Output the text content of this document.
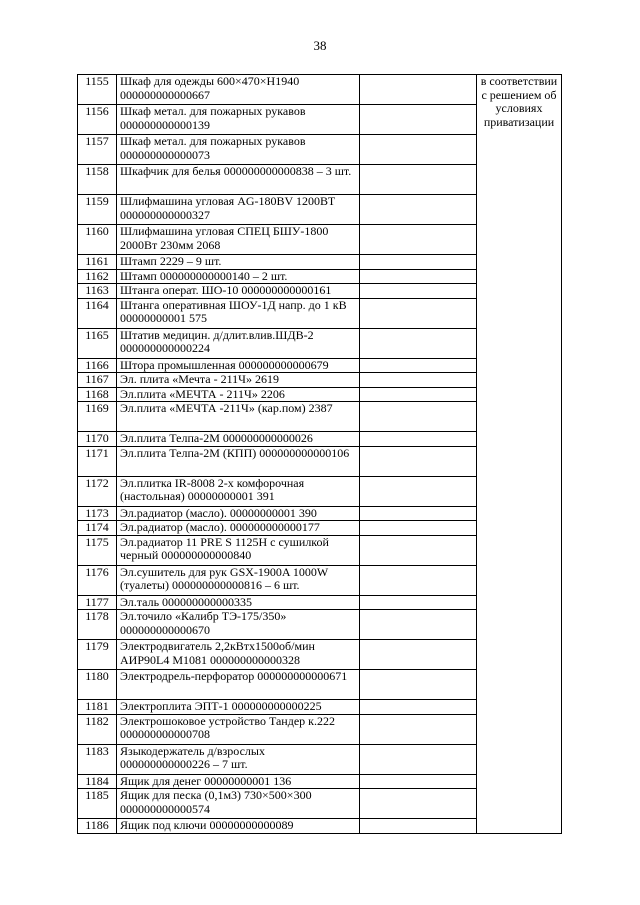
38
1155	Шкаф для одежды 600×470×H1940 000000000000667		в соответствии с решением об условиях приватизации
1156	Шкаф метал. для пожарных рукавов 000000000000139		
1157	Шкаф метал. для пожарных рукавов 000000000000073		
1158	Шкафчик для белья 000000000000838 – 3 шт.		
1159	Шлифмашина угловая AG-180BV 1200ВТ 000000000000327		
1160	Шлифмашина угловая СПЕЦ БШУ-1800 2000Вт 230мм 2068		
1161	Штамп 2229 – 9 шт.		
1162	Штамп 000000000000140 – 2 шт.		
1163	Штанга операт. ШО-10 000000000000161		
1164	Штанга оперативная ШОУ-1Д напр. до 1 кВ 00000000001 575		
1165	Штатив медицин. д/длит.влив.ШДВ-2 000000000000224		
1166	Штора промышленная 000000000000679		
1167	Эл. плита «Мечта - 211Ч» 2619		
1168	Эл.плита «МЕЧТА - 211Ч» 2206		
1169	Эл.плита «МЕЧТА -211Ч» (кар.пом) 2387		
1170	Эл.плита Телпа-2М 000000000000026		
1171	Эл.плита Телпа-2М (КПП) 000000000000106		
1172	Эл.плитка IR-8008 2-х комфорочная (настольная) 00000000001 391		
1173	Эл.радиатор (масло). 00000000001 390		
1174	Эл.радиатор (масло). 000000000000177		
1175	Эл.радиатор 11 PRE S 1125H с сушилкой черный 000000000000840		
1176	Эл.сушитель для рук GSX-1900A 1000W (туалеты) 000000000000816 – 6 шт.		
1177	Эл.таль 000000000000335		
1178	Эл.точило «Калибр ТЭ-175/350» 000000000000670		
1179	Электродвигатель 2,2кВтх1500об/мин АИР90L4 М1081 000000000000328		
1180	Электродрель-перфоратор 000000000000671		
1181	Электроплита ЭПТ-1 000000000000225		
1182	Электрошоковое устройство Тандер к.222 000000000000708		
1183	Языкодержатель д/взрослых 000000000000226 – 7 шт.		
1184	Ящик для денег 00000000001 136		
1185	Ящик для песка (0,1м3) 730×500×300 000000000000574		
1186	Ящик под ключи 00000000000089		
